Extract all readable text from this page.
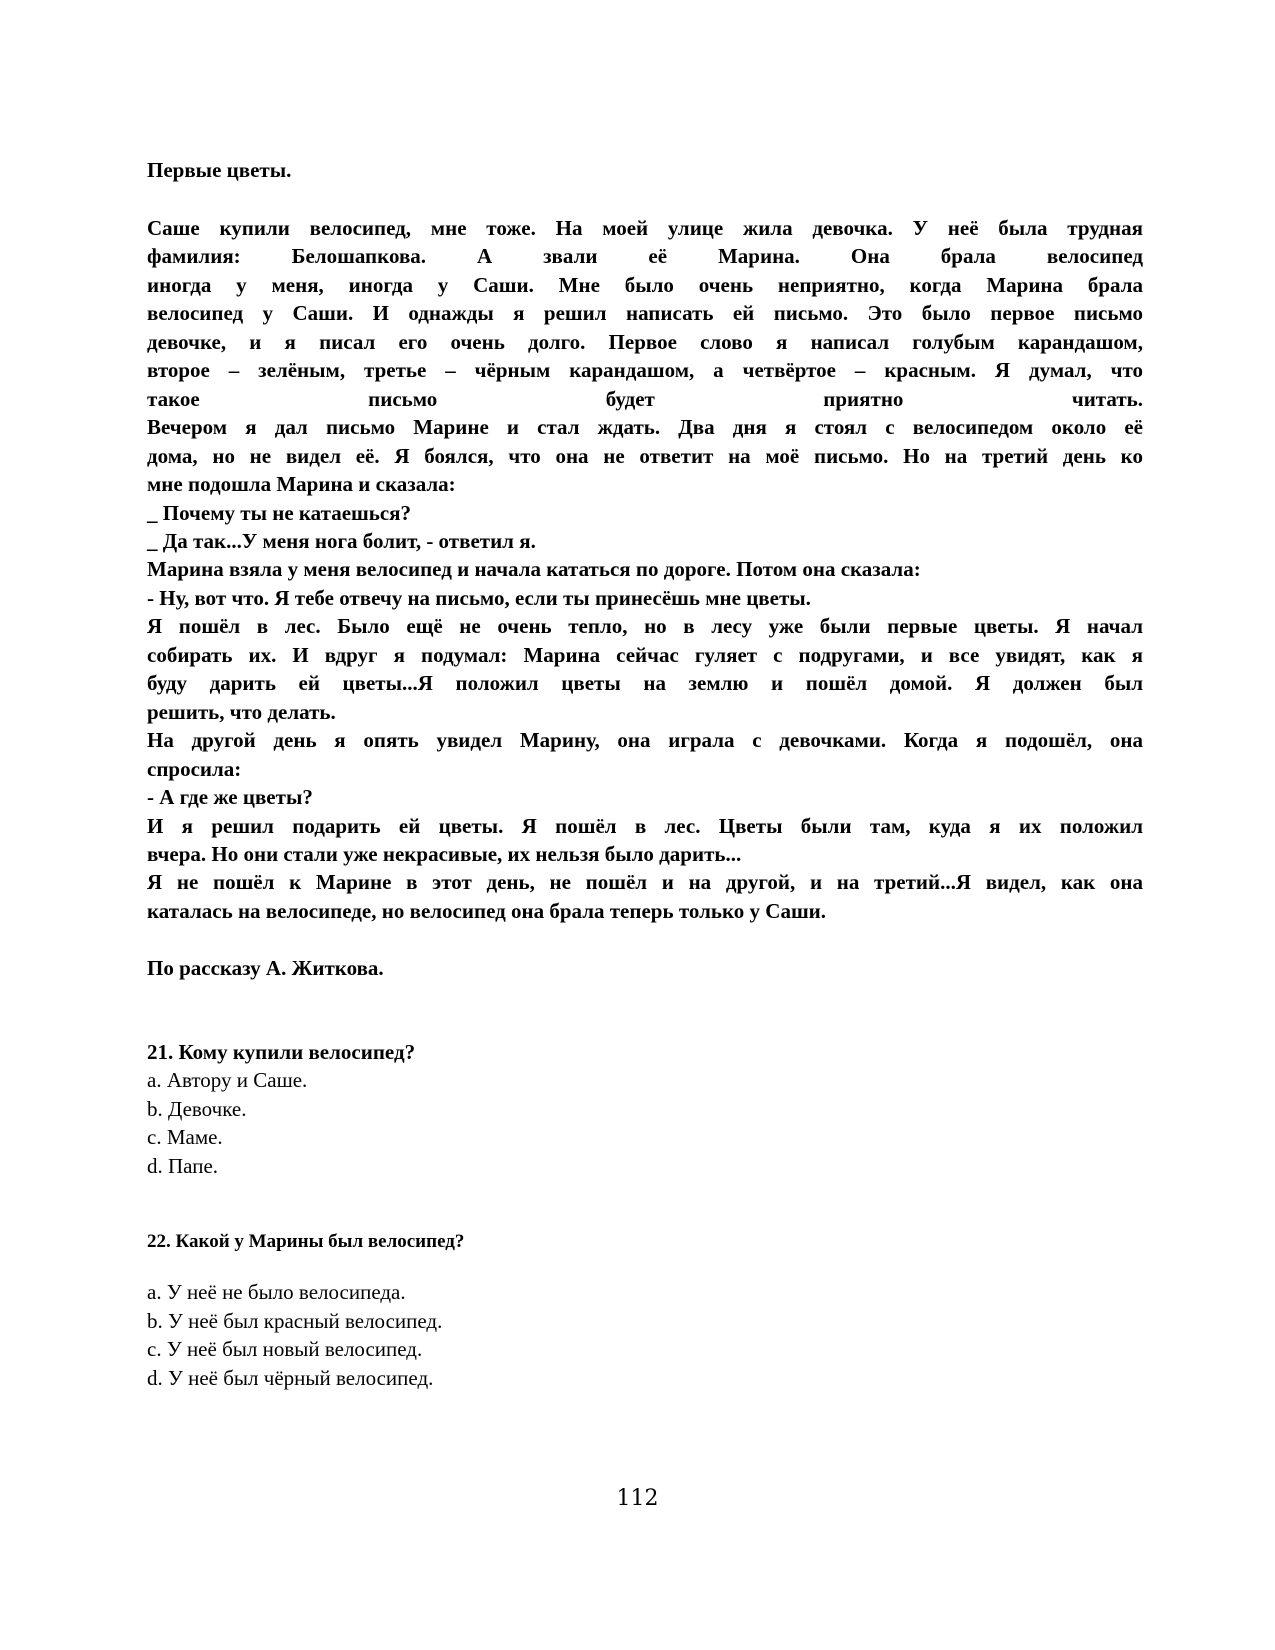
Первые цветы.
Саше купили велосипед, мне тоже. На моей улице жила девочка. У неё была трудная
фамилия: Белошапкова. А звали её Марина. Она брала велосипед
иногда у меня, иногда у Саши. Мне было очень неприятно, когда Марина брала
велосипед у Саши. И однажды я решил написать ей письмо. Это было первое письмо
девочке, и я писал его очень долго. Первое слово я написал голубым карандашом,
второе – зелёным, третье – чёрным карандашом, а четвёртое – красным. Я думал, что
такое письмо будет приятно читать.
Вечером я дал письмо Марине и стал ждать. Два дня я стоял с велосипедом около её
дома, но не видел её. Я боялся, что она не ответит на моё письмо. Но на третий день ко
мне подошла Марина и сказала:
_ Почему ты не катаешься?
_ Да так...У меня нога болит, - ответил я.
Марина взяла у меня велосипед и начала кататься по дороге. Потом она сказала:
- Ну, вот что. Я тебе отвечу на письмо, если ты принесёшь мне цветы.
Я пошёл в лес. Было ещё не очень тепло, но в лесу уже были первые цветы. Я начал
собирать их. И вдруг я подумал: Марина сейчас гуляет с подругами, и все увидят, как я
буду дарить ей цветы...Я положил цветы на землю и пошёл домой. Я должен был
решить, что делать.
На другой день я опять увидел Марину, она играла с девочками. Когда я подошёл, она
спросила:
- А где же цветы?
И я решил подарить ей цветы. Я пошёл в лес. Цветы были там, куда я их положил
вчера. Но они стали уже некрасивые, их нельзя было дарить...
Я не пошёл к Марине в этот день, не пошёл и на другой, и на третий...Я видел, как она
каталась на велосипеде, но велосипед она брала теперь только у Саши.
По рассказу А. Житкова.
21. Кому купили велосипед?
a. Автору и Саше.
b. Девочке.
c. Маме.
d. Папе.
22. Какой у Марины был велосипед?
a. У неё не было велосипеда.
b. У неё был красный велосипед.
c. У неё был новый велосипед.
d. У неё был чёрный велосипед.
112
